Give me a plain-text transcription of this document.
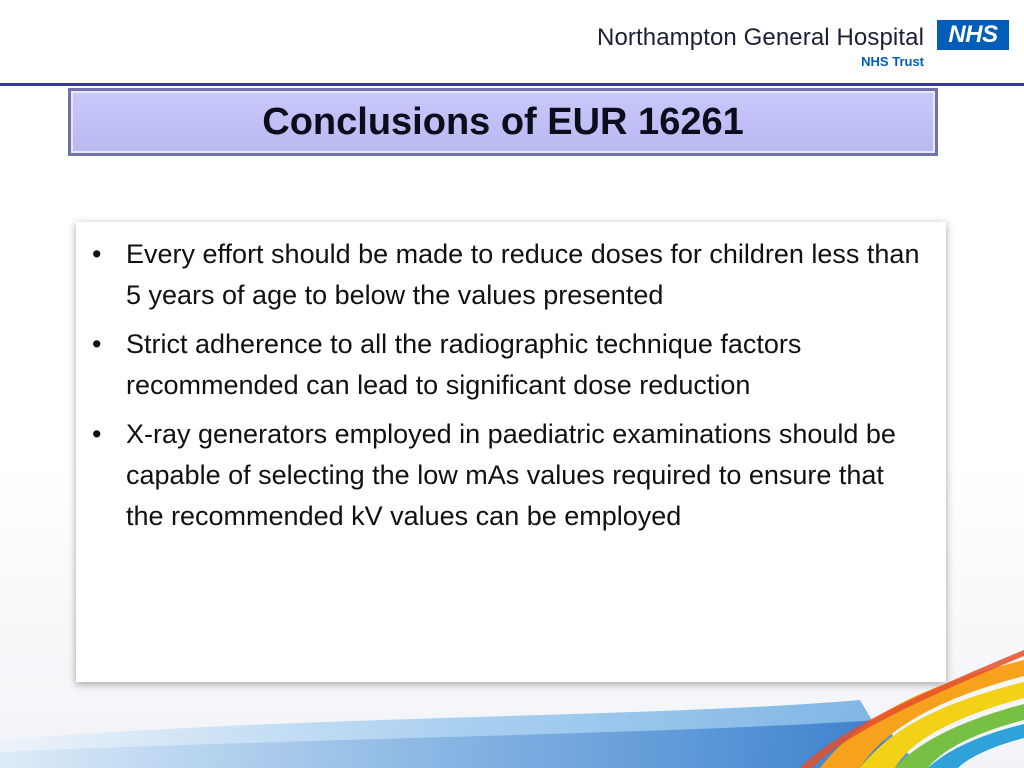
Northampton General Hospital
NHS Trust
NHS
Conclusions of EUR 16261
• Every effort should be made to reduce doses for children less than 5 years of age to below the values presented
• Strict adherence to all the radiographic technique factors recommended can lead to significant dose reduction
• X-ray generators employed in paediatric examinations should be capable of selecting the low mAs values required to ensure that the recommended kV values can be employed
